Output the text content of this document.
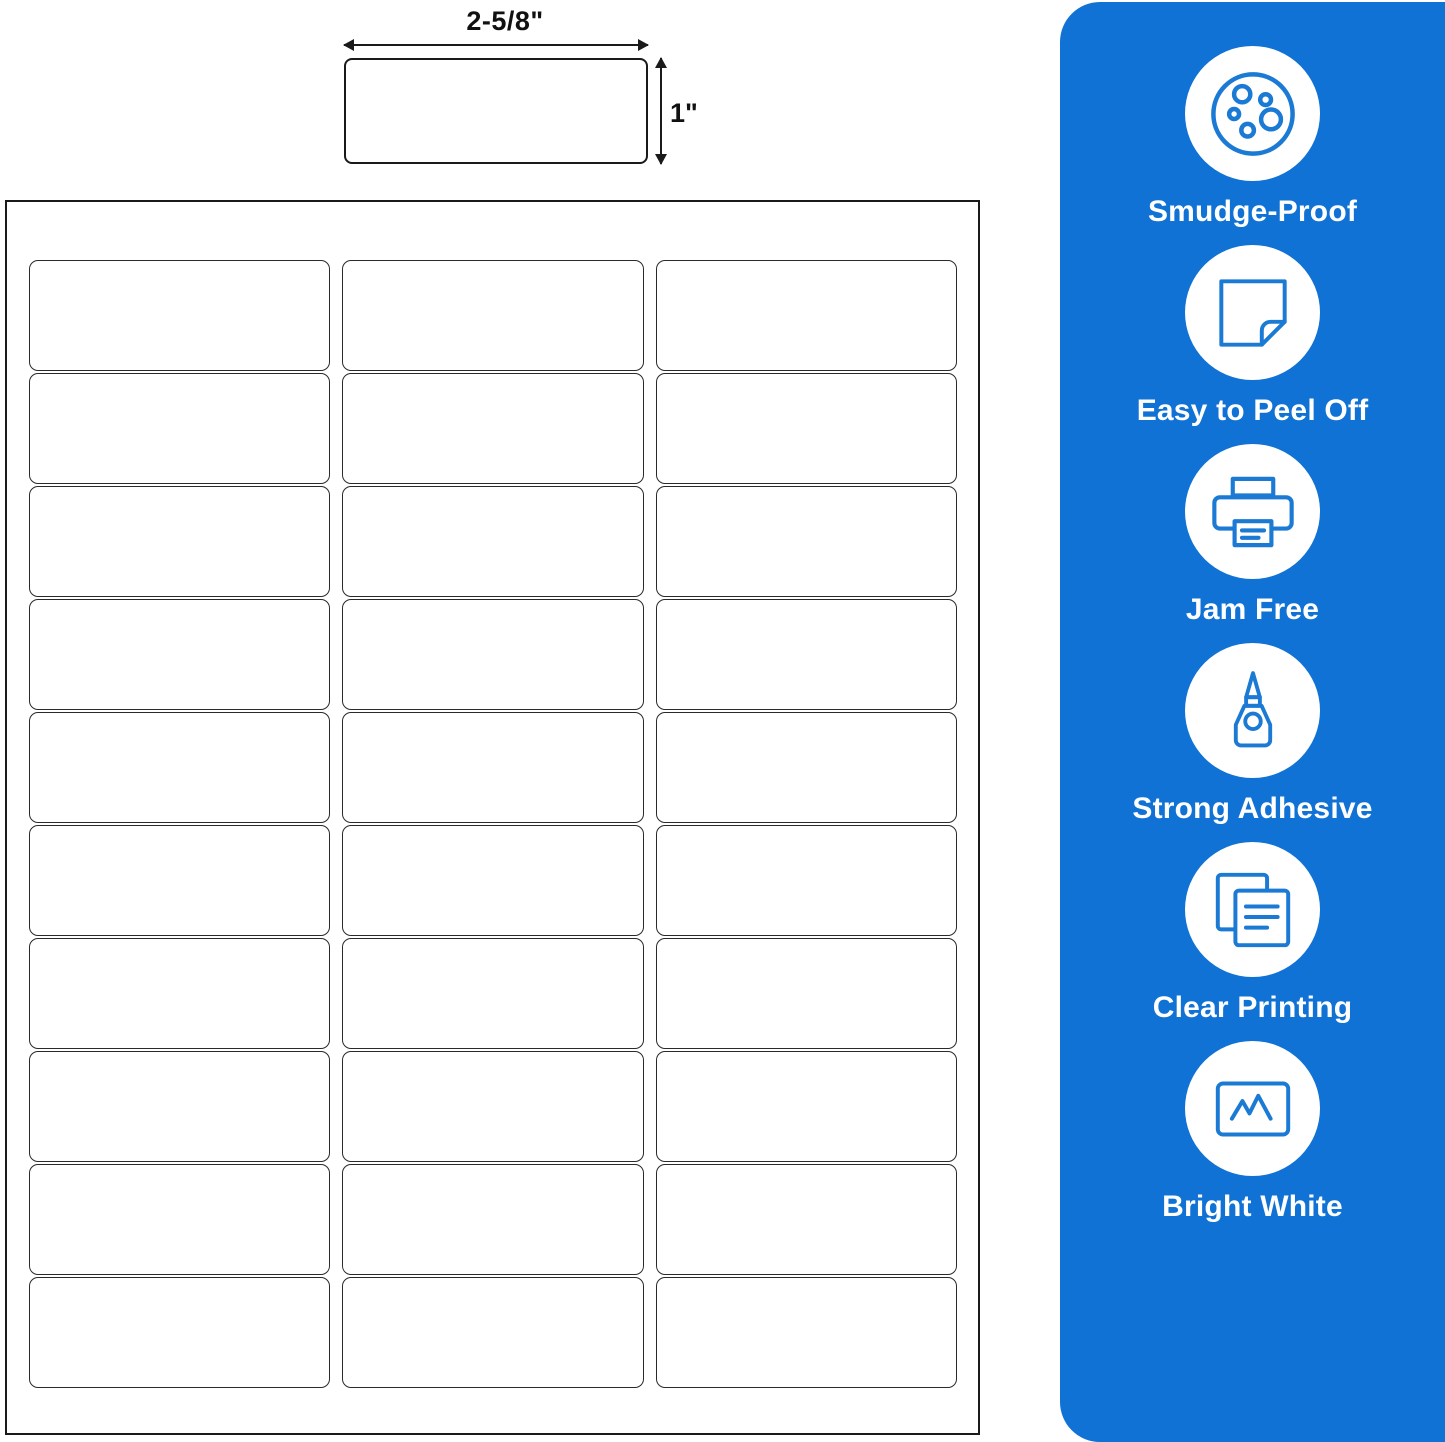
2-5/8"
1"
Smudge-Proof
Easy to Peel Off
Jam Free
Strong Adhesive
Clear Printing
Bright White
